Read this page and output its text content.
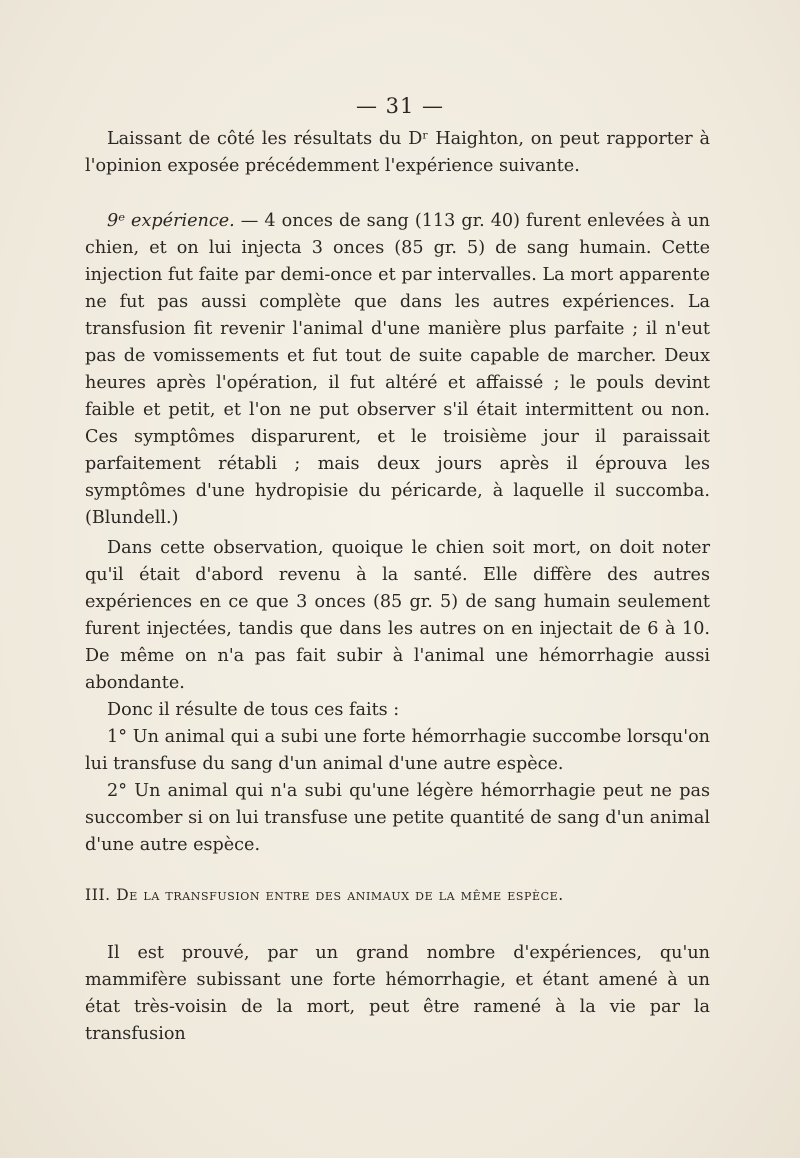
— 31 —

Laissant de côté les résultats du Dʳ Haighton, on peut rapporter à l'opinion exposée précédemment l'expérience suivante.

9ᵉ expérience. — 4 onces de sang (113 gr. 40) furent enlevées à un chien, et on lui injecta 3 onces (85 gr. 5) de sang humain. Cette injection fut faite par demi-once et par intervalles. La mort apparente ne fut pas aussi complète que dans les autres expériences. La transfusion fit revenir l'animal d'une manière plus parfaite ; il n'eut pas de vomissements et fut tout de suite capable de marcher. Deux heures après l'opération, il fut altéré et affaissé ; le pouls devint faible et petit, et l'on ne put observer s'il était intermittent ou non. Ces symptômes disparurent, et le troisième jour il paraissait parfaitement rétabli ; mais deux jours après il éprouva les symptômes d'une hydropisie du péricarde, à laquelle il succomba. (Blundell.)

Dans cette observation, quoique le chien soit mort, on doit noter qu'il était d'abord revenu à la santé. Elle diffère des autres expériences en ce que 3 onces (85 gr. 5) de sang humain seulement furent injectées, tandis que dans les autres on en injectait de 6 à 10. De même on n'a pas fait subir à l'animal une hémorrhagie aussi abondante.

Donc il résulte de tous ces faits :

1° Un animal qui a subi une forte hémorrhagie succombe lorsqu'on lui transfuse du sang d'un animal d'une autre espèce.

2° Un animal qui n'a subi qu'une légère hémorrhagie peut ne pas succomber si on lui transfuse une petite quantité de sang d'un animal d'une autre espèce.

III. De la transfusion entre des animaux de la même espèce.

Il est prouvé, par un grand nombre d'expériences, qu'un mammifère subissant une forte hémorrhagie, et étant amené à un état très-voisin de la mort, peut être ramené à la vie par la transfusion
